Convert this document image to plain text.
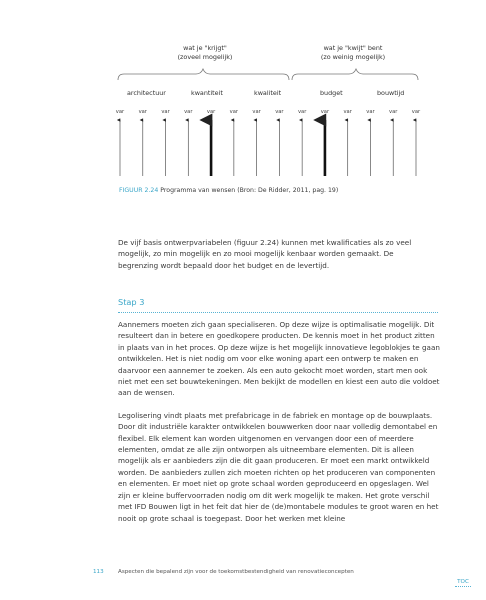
wat je "krijgt"
(zoveel mogelijk)
wat je "kwijt" bent
(zo weinig mogelijk)
architectuur	kwantiteit	kwaliteit	budget	bouwtijd
var	var	var	var	var	var	var	var	var	var	var	var	var	var
FIGUUR 2.24 Programma van wensen (Bron: De Ridder, 2011, pag. 19)
De vijf basis ontwerpvariabelen (figuur 2.24) kunnen met kwalificaties als zo veel mogelijk, zo min mogelijk en zo mooi mogelijk kenbaar worden gemaakt. De begrenzing wordt bepaald door het budget en de levertijd.
Stap 3

Aannemers moeten zich gaan specialiseren. Op deze wijze is optimalisatie mogelijk. Dit resulteert dan in betere en goedkopere producten. De kennis moet in het product zitten in plaats van in het proces. Op deze wijze is het mogelijk innovatieve legoblokjes te gaan ontwikkelen. Het is niet nodig om voor elke woning apart een ontwerp te maken en daarvoor een aannemer te zoeken. Als een auto gekocht moet worden, start men ook niet met een set bouwtekeningen. Men bekijkt de modellen en kiest een auto die voldoet aan de wensen.

Legolisering vindt plaats met prefabricage in de fabriek en montage op de bouwplaats. Door dit industriële karakter ontwikkelen bouwwerken door naar volledig demontabel en flexibel. Elk element kan worden uitgenomen en vervangen door een of meerdere elementen, omdat ze alle zijn ontworpen als uitneembare elementen. Dit is alleen mogelijk als er aanbieders zijn die dit gaan produceren. Er moet een markt ontwikkeld worden. De aanbieders zullen zich moeten richten op het produceren van componenten en elementen. Er moet niet op grote schaal worden geproduceerd en opgeslagen. Wel zijn er kleine buffervoorraden nodig om dit werk mogelijk te maken. Het grote verschil met IFD Bouwen ligt in het feit dat hier de (de)montabele modules te groot waren en het nooit op grote schaal is toegepast. Door het werken met kleine

113	Aspecten die bepalend zijn voor de toekomstbestendigheid van renovatieconcepten
TOC
